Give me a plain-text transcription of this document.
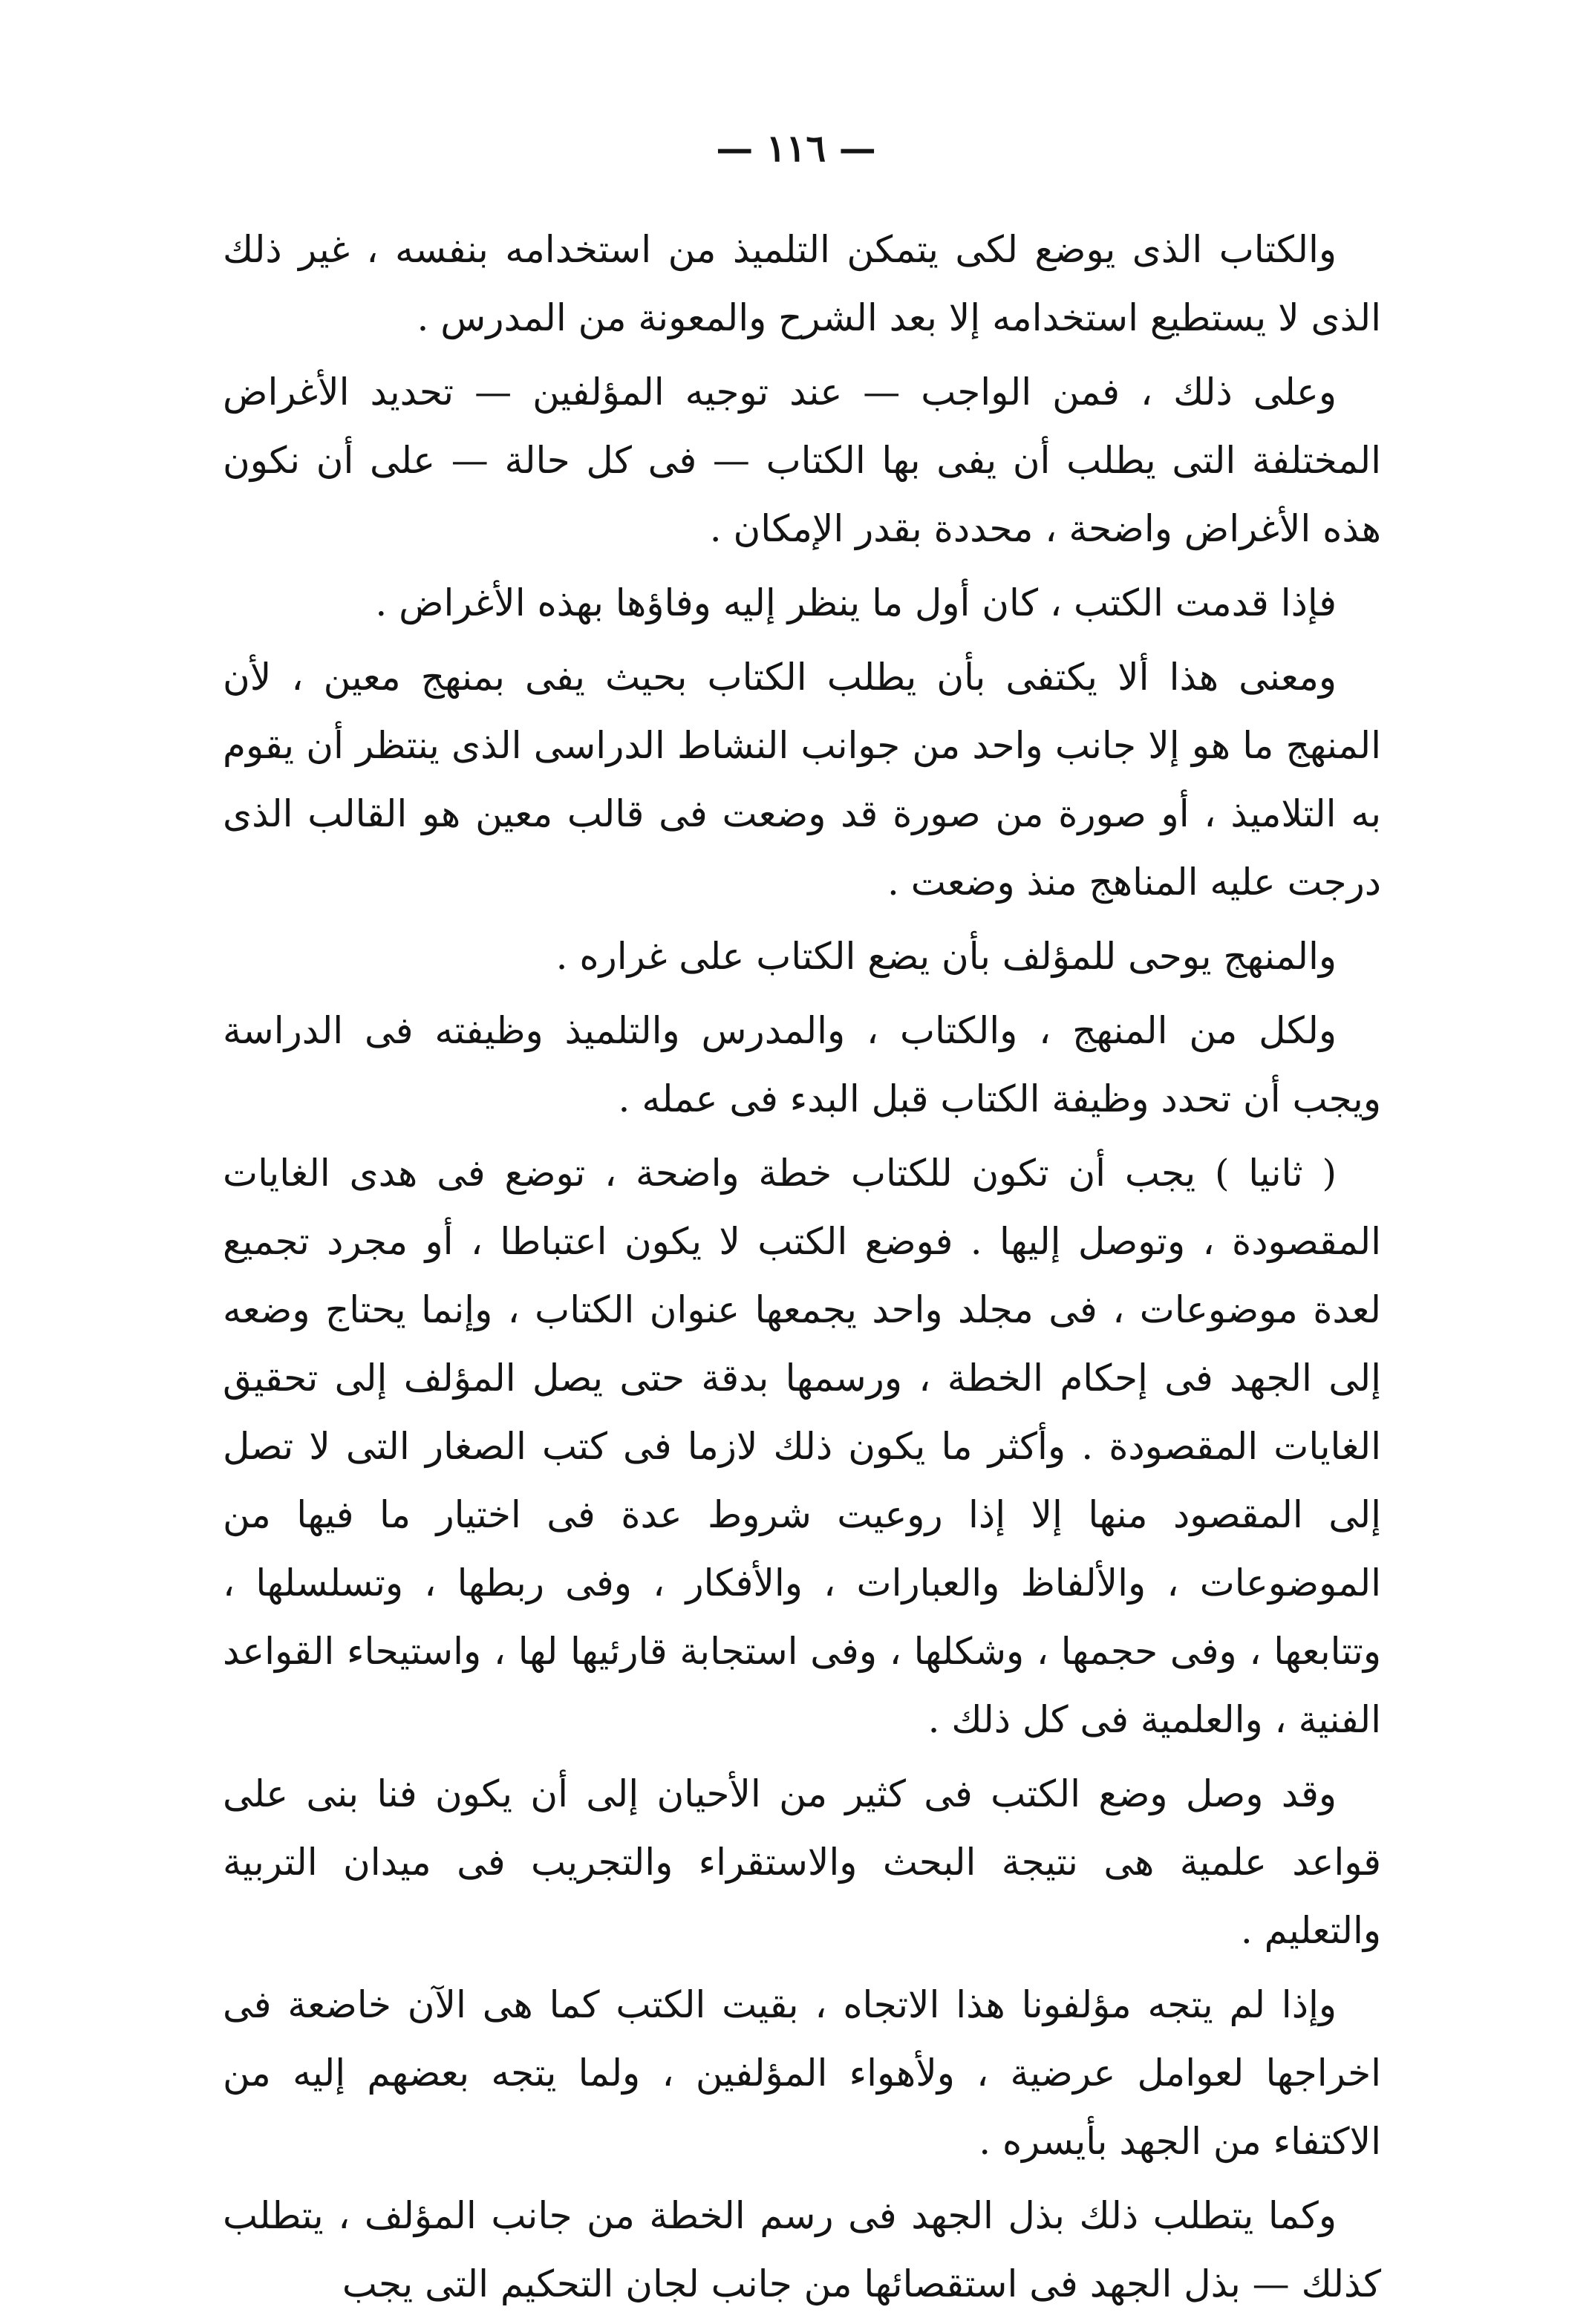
— ١١٦ —

والكتاب الذى يوضع لكى يتمكن التلميذ من استخدامه بنفسه ، غير ذلك الذى لا يستطيع استخدامه إلا بعد الشرح والمعونة من المدرس .

وعلى ذلك ، فمن الواجب — عند توجيه المؤلفين — تحديد الأغراض المختلفة التى يطلب أن يفى بها الكتاب — فى كل حالة — على أن نكون هذه الأغراض واضحة ، محددة بقدر الإمكان .

فإذا قدمت الكتب ، كان أول ما ينظر إليه وفاؤها بهذه الأغراض .

ومعنى هذا ألا يكتفى بأن يطلب الكتاب بحيث يفى بمنهج معين ، لأن المنهج ما هو إلا جانب واحد من جوانب النشاط الدراسى الذى ينتظر أن يقوم به التلاميذ ، أو صورة من صورة قد وضعت فى قالب معين هو القالب الذى درجت عليه المناهج منذ وضعت .

والمنهج يوحى للمؤلف بأن يضع الكتاب على غراره .

ولكل من المنهج ، والكتاب ، والمدرس والتلميذ وظيفته فى الدراسة ويجب أن تحدد وظيفة الكتاب قبل البدء فى عمله .

( ثانيا ) يجب أن تكون للكتاب خطة واضحة ، توضع فى هدى الغايات المقصودة ، وتوصل إليها . فوضع الكتب لا يكون اعتباطا ، أو مجرد تجميع لعدة موضوعات ، فى مجلد واحد يجمعها عنوان الكتاب ، وإنما يحتاج وضعه إلى الجهد فى إحكام الخطة ، ورسمها بدقة حتى يصل المؤلف إلى تحقيق الغايات المقصودة . وأكثر ما يكون ذلك لازما فى كتب الصغار التى لا تصل إلى المقصود منها إلا إذا روعيت شروط عدة فى اختيار ما فيها من الموضوعات ، والألفاظ والعبارات ، والأفكار ، وفى ربطها ، وتسلسلها ، وتتابعها ، وفى حجمها ، وشكلها ، وفى استجابة قارئيها لها ، واستيحاء القواعد الفنية ، والعلمية فى كل ذلك .

وقد وصل وضع الكتب فى كثير من الأحيان إلى أن يكون فنا بنى على قواعد علمية هى نتيجة البحث والاستقراء والتجريب فى ميدان التربية والتعليم .

وإذا لم يتجه مؤلفونا هذا الاتجاه ، بقيت الكتب كما هى الآن خاضعة فى اخراجها لعوامل عرضية ، ولأهواء المؤلفين ، ولما يتجه بعضهم إليه من الاكتفاء من الجهد بأيسره .

وكما يتطلب ذلك بذل الجهد فى رسم الخطة من جانب المؤلف ، يتطلب كذلك — بذل الجهد فى استقصائها من جانب لجان التحكيم التى يجب
